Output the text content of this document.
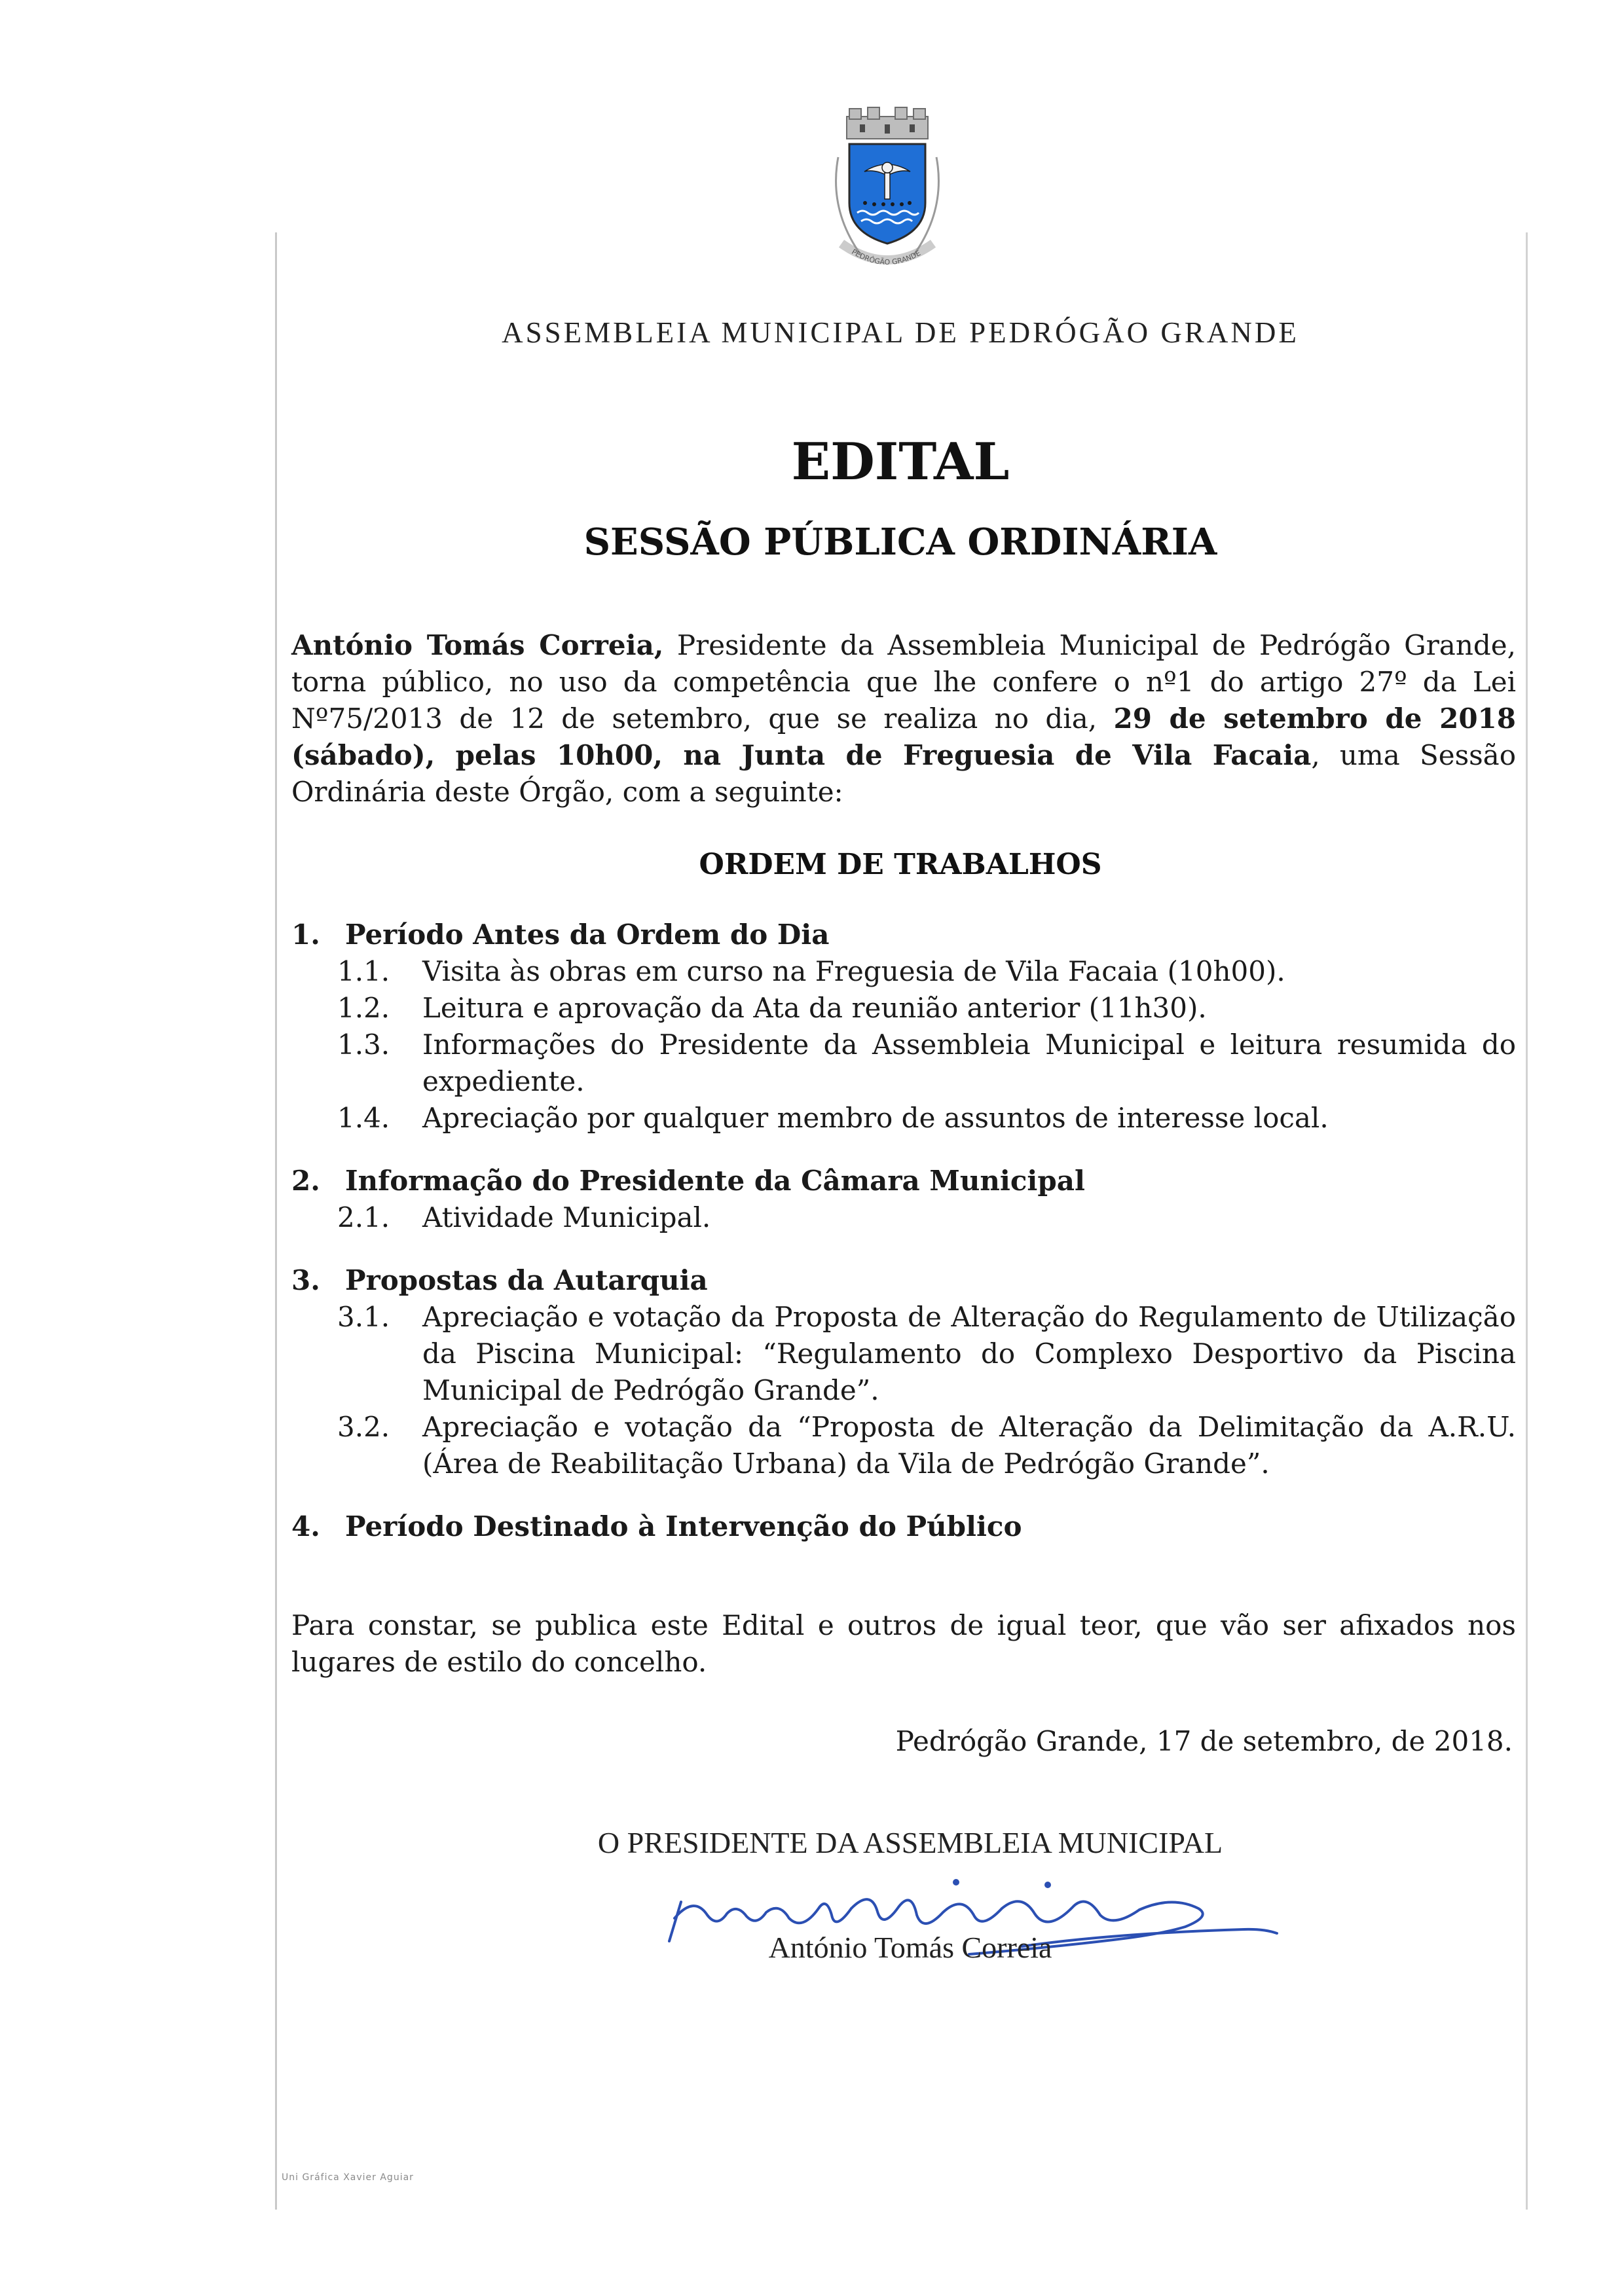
PEDRÓGÃO GRANDE
ASSEMBLEIA MUNICIPAL DE PEDRÓGÃO GRANDE
EDITAL
SESSÃO PÚBLICA ORDINÁRIA

António Tomás Correia, Presidente da Assembleia Municipal de Pedrógão Grande, torna público, no uso da competência que lhe confere o nº1 do artigo 27º da Lei Nº75/2013 de 12 de setembro, que se realiza no dia, 29 de setembro de 2018 (sábado), pelas 10h00, na Junta de Freguesia de Vila Facaia, uma Sessão Ordinária deste Órgão, com a seguinte:

ORDEM DE TRABALHOS
1. Período Antes da Ordem do Dia
1.1.	Visita às obras em curso na Freguesia de Vila Facaia (10h00).
1.2.	Leitura e aprovação da Ata da reunião anterior (11h30).
1.3.	Informações do Presidente da Assembleia Municipal e leitura resumida do expediente.
1.4.	Apreciação por qualquer membro de assuntos de interesse local.
2. Informação do Presidente da Câmara Municipal
2.1.	Atividade Municipal.
3. Propostas da Autarquia
3.1.	Apreciação e votação da Proposta de Alteração do Regulamento de Utilização da Piscina Municipal: “Regulamento do Complexo Desportivo da Piscina Municipal de Pedrógão Grande”.
3.2.	Apreciação e votação da “Proposta de Alteração da Delimitação da A.R.U. (Área de Reabilitação Urbana) da Vila de Pedrógão Grande”.
4. Período Destinado à Intervenção do Público

Para constar, se publica este Edital e outros de igual teor, que vão ser afixados nos lugares de estilo do concelho.

Pedrógão Grande, 17 de setembro, de 2018.
O PRESIDENTE DA ASSEMBLEIA MUNICIPAL
António Tomás Correia
Uni Gráfica Xavier Aguiar
